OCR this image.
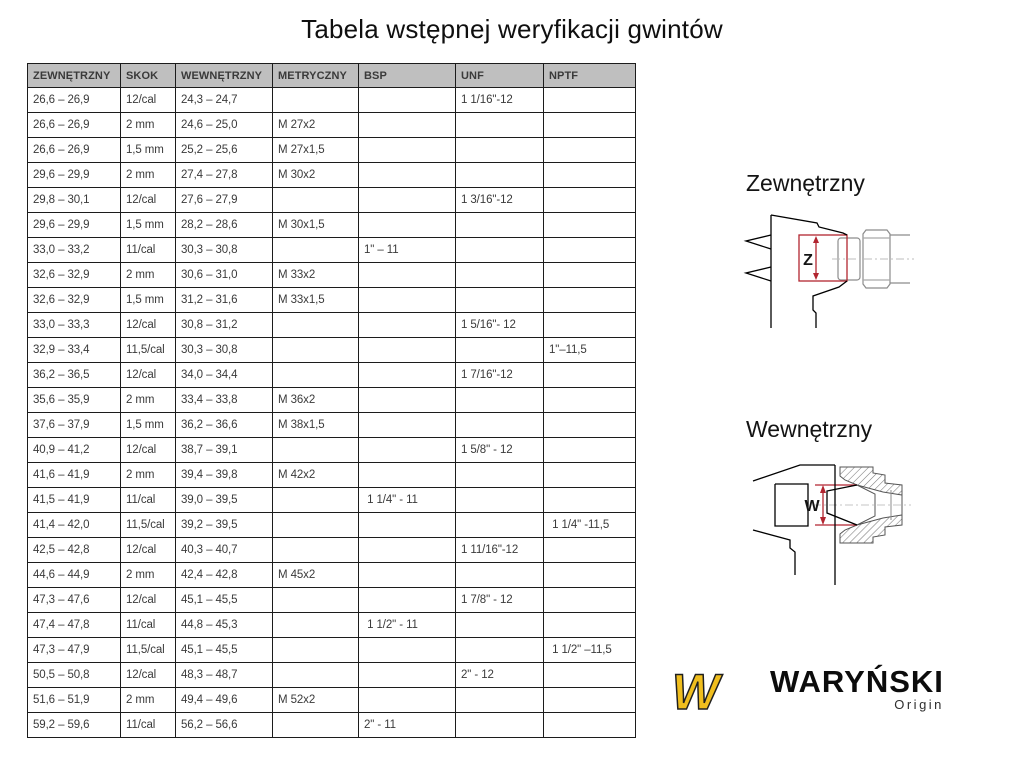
Tabela wstępnej weryfikacji gwintów
ZEWNĘTRZNY	SKOK	WEWNĘTRZNY	METRYCZNY	BSP	UNF	NPTF
26,6 – 26,9	12/cal	24,3 – 24,7			1 1/16"-12	
26,6 – 26,9	2 mm	24,6 – 25,0	M 27x2			
26,6 – 26,9	1,5 mm	25,2 – 25,6	M 27x1,5			
29,6 – 29,9	2 mm	27,4 – 27,8	M 30x2			
29,8 – 30,1	12/cal	27,6 – 27,9			1 3/16"-12	
29,6 – 29,9	1,5 mm	28,2 – 28,6	M 30x1,5			
33,0 – 33,2	11/cal	30,3 – 30,8		1" – 11		
32,6 – 32,9	2 mm	30,6 – 31,0	M 33x2			
32,6 – 32,9	1,5 mm	31,2 – 31,6	M 33x1,5			
33,0 – 33,3	12/cal	30,8 – 31,2			1 5/16"- 12	
32,9 – 33,4	11,5/cal	30,3 – 30,8				1"–11,5
36,2 – 36,5	12/cal	34,0 – 34,4			1 7/16"-12	
35,6 – 35,9	2 mm	33,4 – 33,8	M 36x2			
37,6 – 37,9	1,5 mm	36,2 – 36,6	M 38x1,5			
40,9 – 41,2	12/cal	38,7 – 39,1			1 5/8" - 12	
41,6 – 41,9	2 mm	39,4 – 39,8	M 42x2			
41,5 – 41,9	11/cal	39,0 – 39,5		1 1/4" - 11		
41,4 – 42,0	11,5/cal	39,2 – 39,5				1 1/4" -11,5
42,5 – 42,8	12/cal	40,3 – 40,7			1 11/16"-12	
44,6 – 44,9	2 mm	42,4 – 42,8	M 45x2			
47,3 – 47,6	12/cal	45,1 – 45,5			1 7/8" - 12	
47,4 – 47,8	11/cal	44,8 – 45,3		1 1/2" - 11		
47,3 – 47,9	11,5/cal	45,1 – 45,5				1 1/2" –11,5
50,5 – 50,8	12/cal	48,3 – 48,7			2" - 12	
51,6 – 51,9	2 mm	49,4 – 49,6	M 52x2			
59,2 – 59,6	11/cal	56,2 – 56,6		2" - 11		
Zewnętrzny
Z
Wewnętrzny
W
W WARYŃSKI
Origin
